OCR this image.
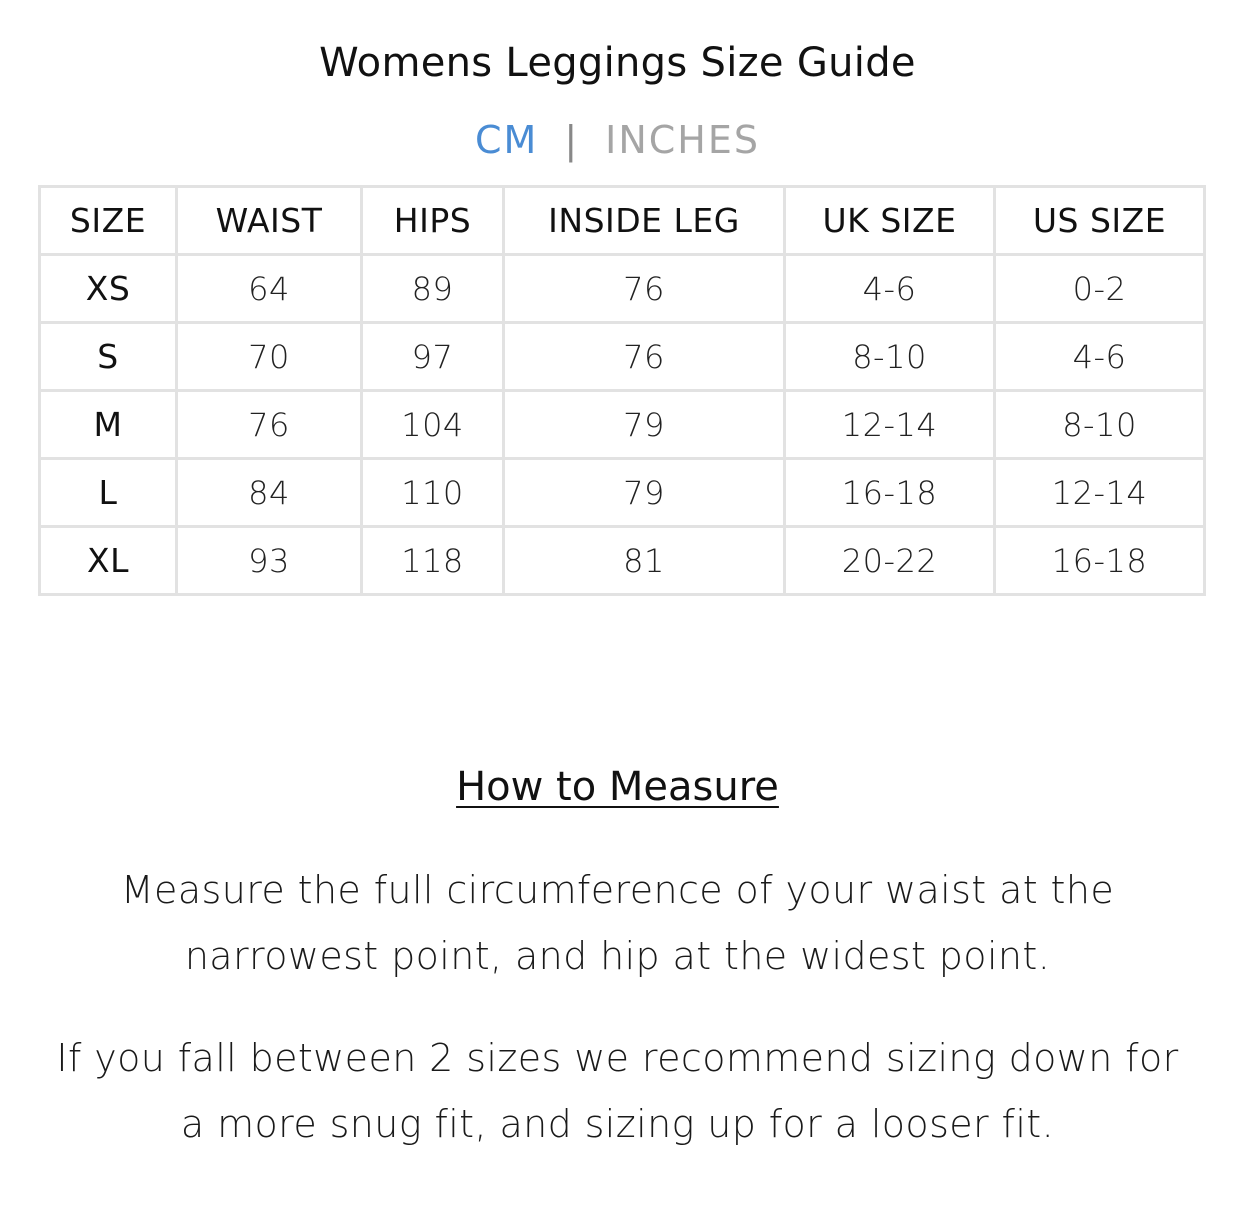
Womens Leggings Size Guide
CM | INCHES
SIZE	WAIST	HIPS	INSIDE LEG	UK SIZE	US SIZE
XS	64	89	76	4-6	0-2
S	70	97	76	8-10	4-6
M	76	104	79	12-14	8-10
L	84	110	79	16-18	12-14
XL	93	118	81	20-22	16-18
How to Measure
Measure the full circumference of your waist at the narrowest point, and hip at the widest point.
If you fall between 2 sizes we recommend sizing down for a more snug fit, and sizing up for a looser fit.
